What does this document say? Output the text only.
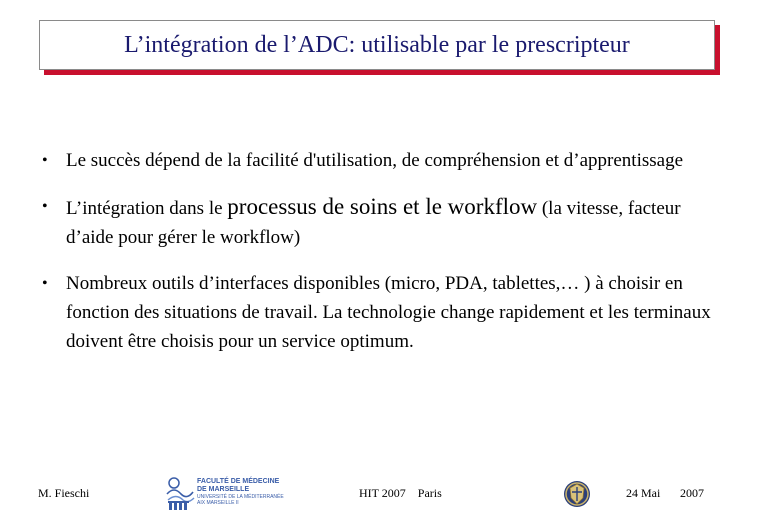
L’intégration de l’ADC: utilisable par le prescripteur
• Le succès dépend de la facilité d'utilisation, de compréhension et d’apprentissage
• L’intégration dans le processus de soins et le workflow (la vitesse, facteur d’aide pour gérer le workflow)
• Nombreux outils d’interfaces disponibles (micro, PDA, tablettes,… ) à choisir en fonction des situations de travail. La technologie change rapidement et les terminaux doivent être choisis pour un service optimum.
M. Fieschi
FACULTÉ DE MÉDECINE
DE MARSEILLE
UNIVERSITÉ DE LA MÉDITERRANÉE
AIX MARSEILLE II
HIT 2007    Paris	24 Mai 2007
